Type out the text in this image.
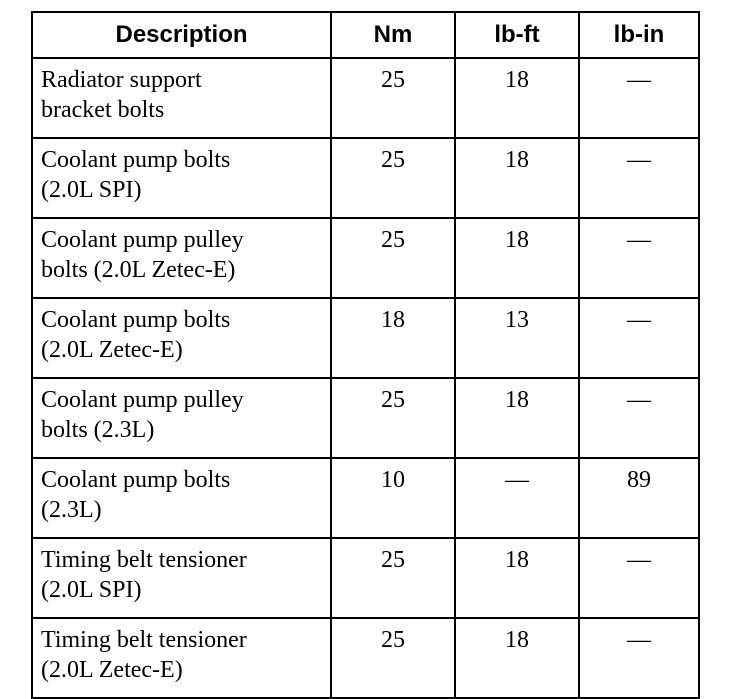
Description	Nm	lb-ft	lb-in
Radiator support
bracket bolts	25	18	—
Coolant pump bolts
(2.0L SPI)	25	18	—
Coolant pump pulley
bolts (2.0L Zetec-E)	25	18	—
Coolant pump bolts
(2.0L Zetec-E)	18	13	—
Coolant pump pulley
bolts (2.3L)	25	18	—
Coolant pump bolts
(2.3L)	10	—	89
Timing belt tensioner
(2.0L SPI)	25	18	—
Timing belt tensioner
(2.0L Zetec-E)	25	18	—
